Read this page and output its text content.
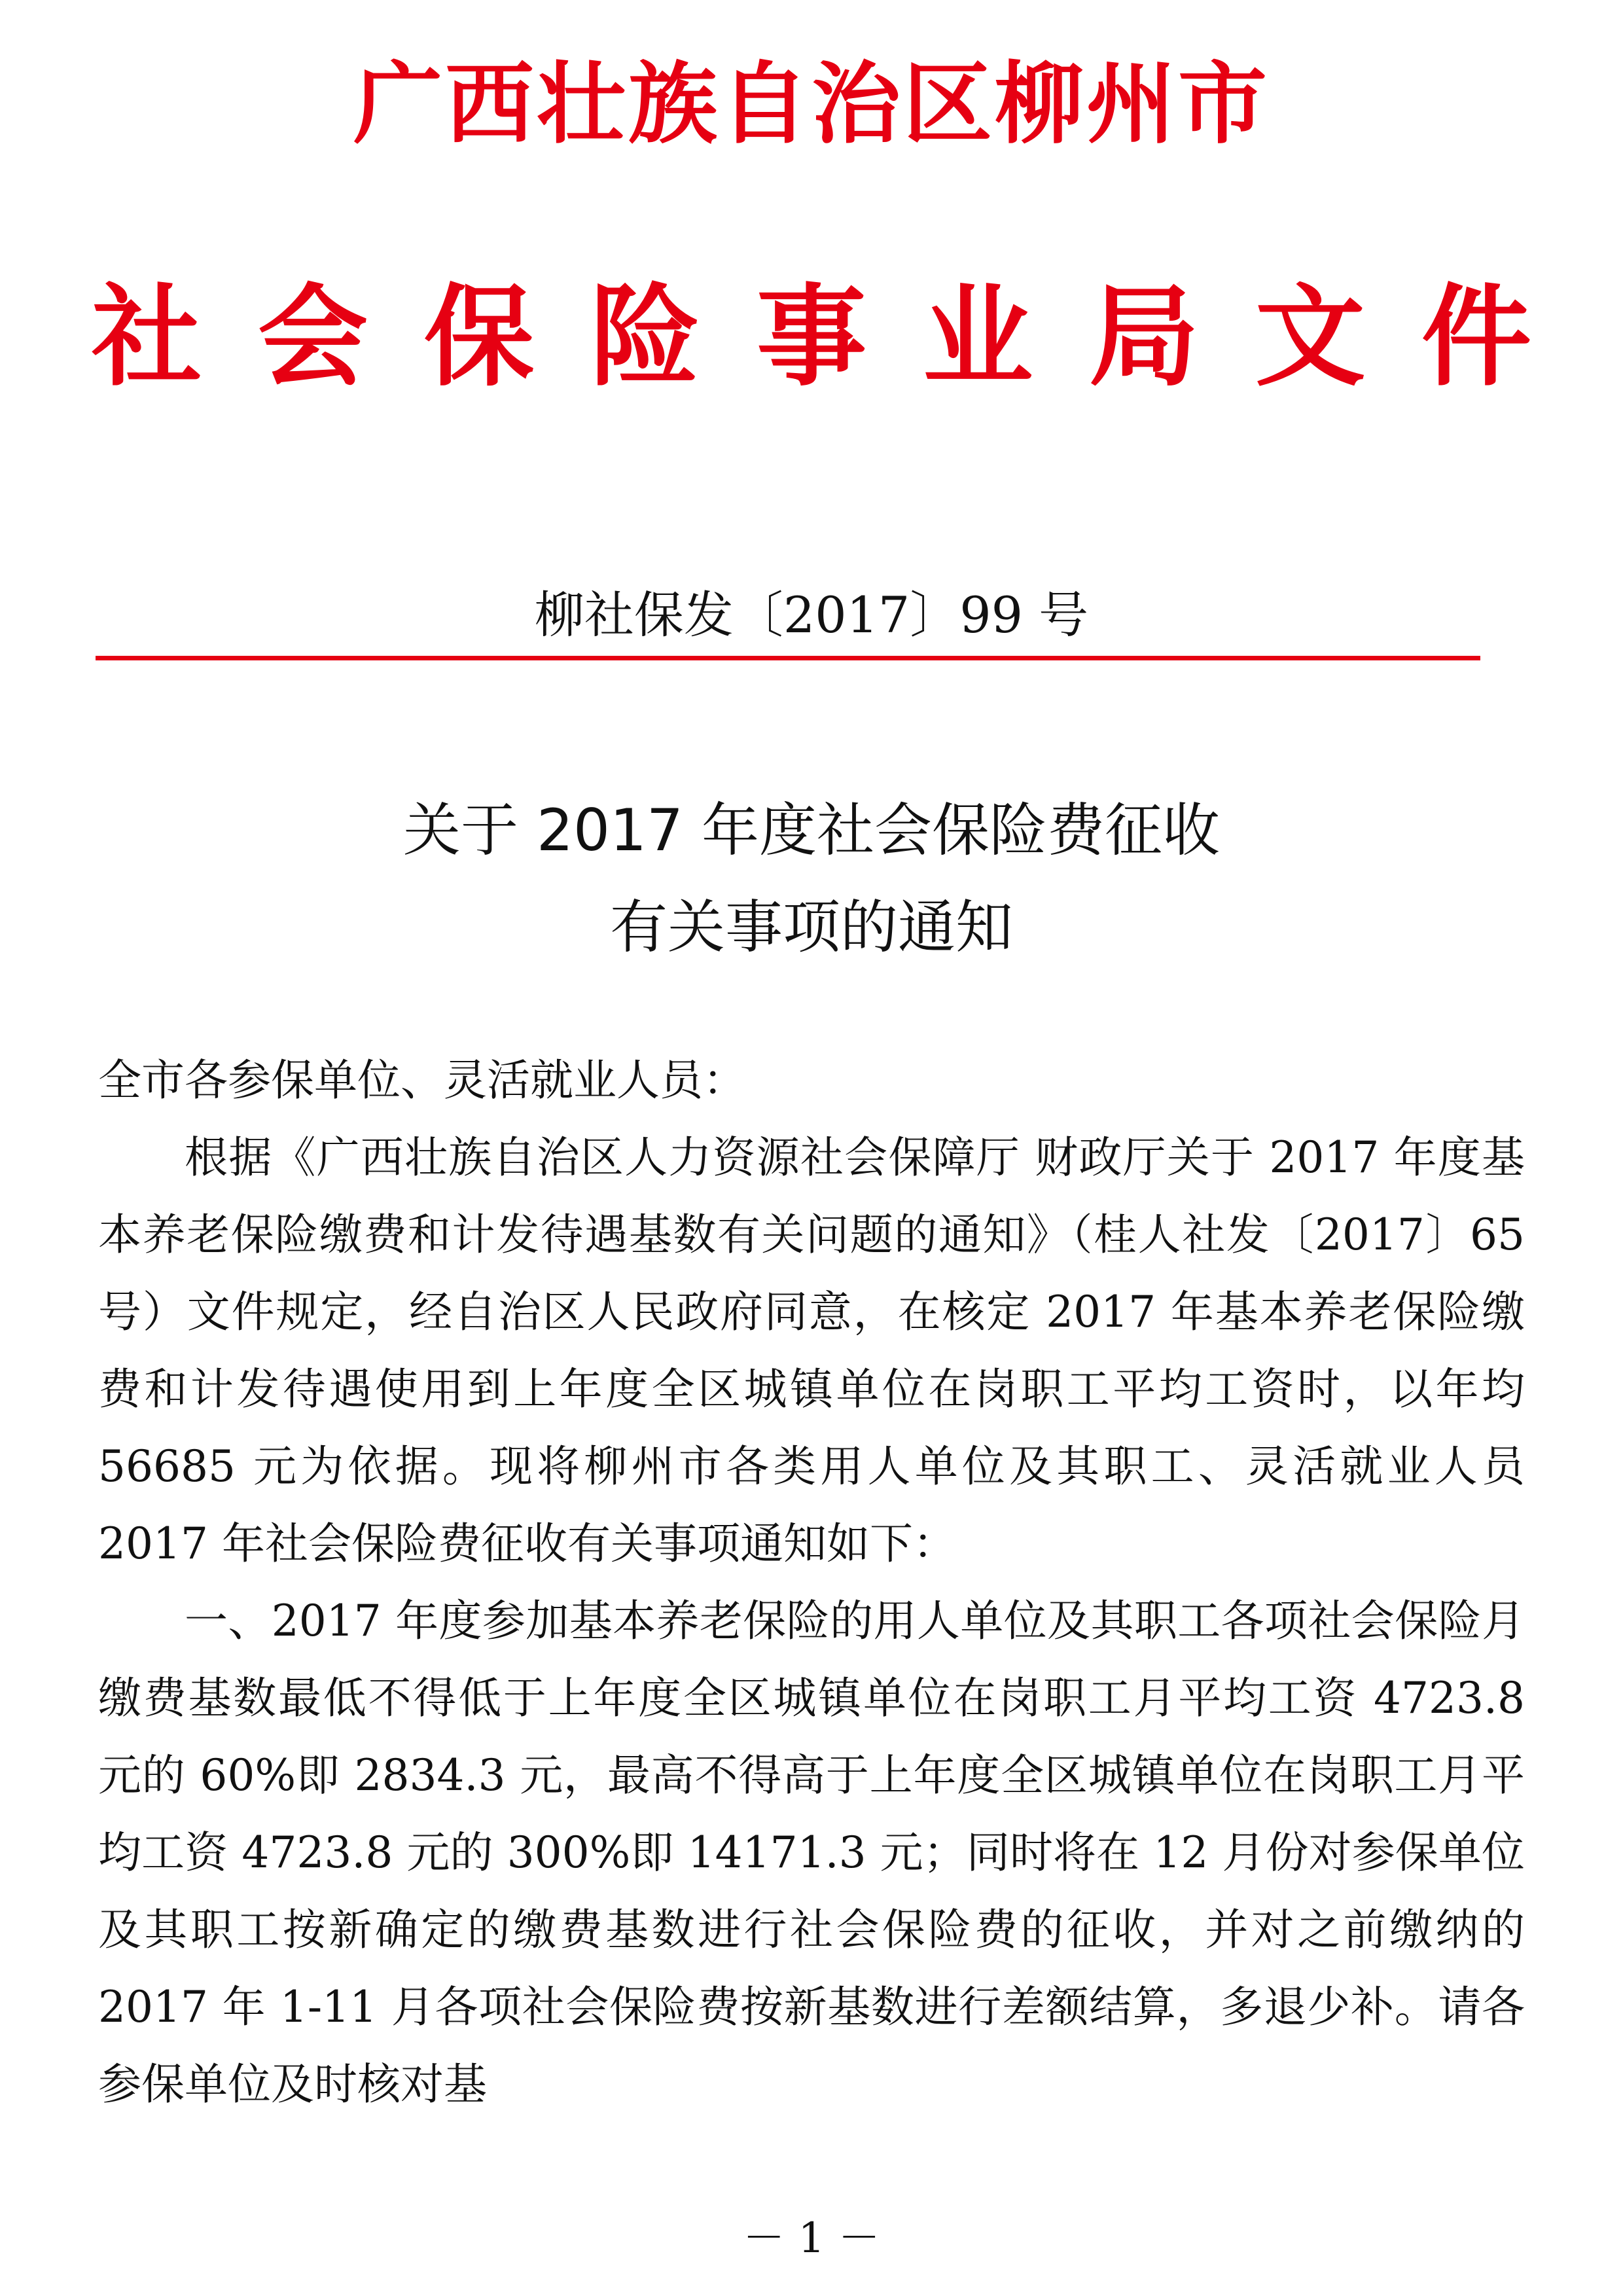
广西壮族自治区柳州市
社会保险事业局文件
柳社保发〔2017〕99 号
关于 2017 年度社会保险费征收
有关事项的通知

全市各参保单位、灵活就业人员：

根据《广西壮族自治区人力资源社会保障厅 财政厅关于 2017 年度基本养老保险缴费和计发待遇基数有关问题的通知》（桂人社发〔2017〕65 号）文件规定，经自治区人民政府同意，在核定 2017 年基本养老保险缴费和计发待遇使用到上年度全区城镇单位在岗职工平均工资时，以年均 56685 元为依据。现将柳州市各类用人单位及其职工、灵活就业人员 2017 年社会保险费征收有关事项通知如下：

一、2017 年度参加基本养老保险的用人单位及其职工各项社会保险月缴费基数最低不得低于上年度全区城镇单位在岗职工月平均工资 4723.8 元的 60%即 2834.3 元，最高不得高于上年度全区城镇单位在岗职工月平均工资 4723.8 元的 300%即 14171.3 元；同时将在 12 月份对参保单位及其职工按新确定的缴费基数进行社会保险费的征收，并对之前缴纳的 2017 年 1-11 月各项社会保险费按新基数进行差额结算，多退少补。请各参保单位及时核对基

－ 1 －
